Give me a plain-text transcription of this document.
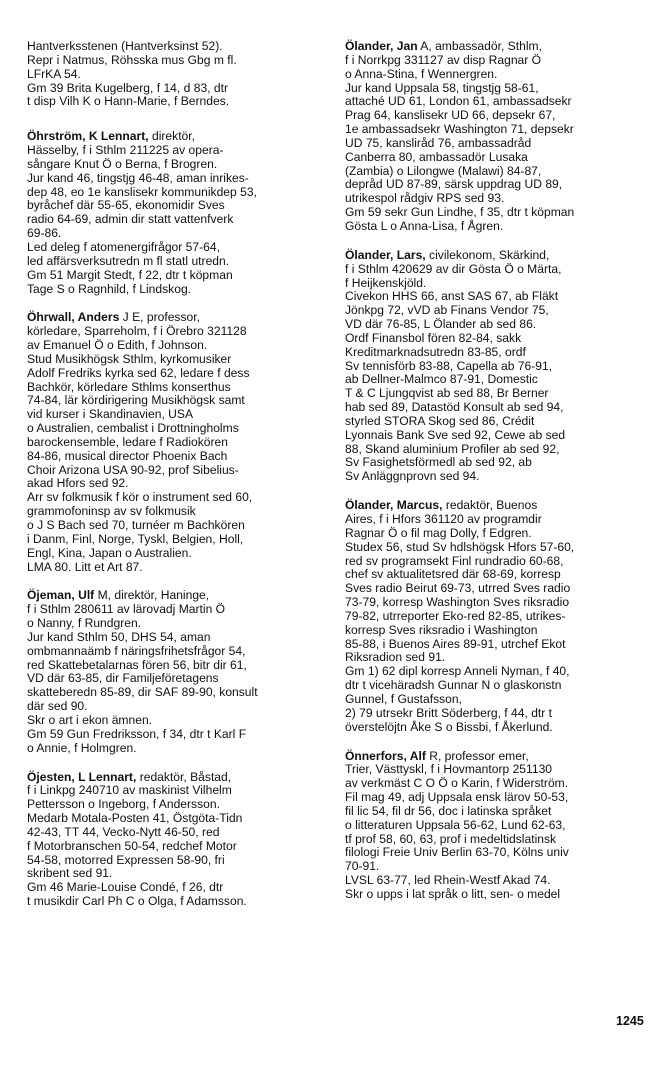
Hantverksstenen (Hantverksinst 52).
Repr i Natmus, Röhsska mus Gbg m fl.
LFrKA 54.
Gm 39 Brita Kugelberg, f 14, d 83, dtr
t disp Vilh K o Hann-Marie, f Berndes.
Öhrström, K Lennart, direktör,
Hässelby, f i Sthlm 211225 av opera-
sångare Knut Ö o Berna, f Brogren.
Jur kand 46, tingstjg 46-48, aman inrikes-
dep 48, eo 1e kanslisekr kommunikdep 53,
byråchef där 55-65, ekonomidir Sves
radio 64-69, admin dir statt vattenfverk
69-86.
Led deleg f atomenergifrågor 57-64,
led affärsverksutredn m fl statl utredn.
Gm 51 Margit Stedt, f 22, dtr t köpman
Tage S o Ragnhild, f Lindskog.
Öhrwall, Anders J E, professor,
körledare, Sparreholm, f i Örebro 321128
av Emanuel Ö o Edith, f Johnson.
Stud Musikhögsk Sthlm, kyrkomusiker
Adolf Fredriks kyrka sed 62, ledare f dess
Bachkör, körledare Sthlms konserthus
74-84, lär kördirigering Musikhögsk samt
vid kurser i Skandinavien, USA
o Australien, cembalist i Drottningholms
barockensemble, ledare f Radiokören
84-86, musical director Phoenix Bach
Choir Arizona USA 90-92, prof Sibelius-
akad Hfors sed 92.
Arr sv folkmusik f kör o instrument sed 60,
grammofoninsp av sv folkmusik
o J S Bach sed 70, turnéer m Bachkören
i Danm, Finl, Norge, Tyskl, Belgien, Holl,
Engl, Kina, Japan o Australien.
LMA 80. Litt et Art 87.
Öjeman, Ulf M, direktör, Haninge,
f i Sthlm 280611 av lärovadj Martin Ö
o Nanny, f Rundgren.
Jur kand Sthlm 50, DHS 54, aman
ombmannaämb f näringsfrihetsfrågor 54,
red Skattebetalarnas fören 56, bitr dir 61,
VD där 63-85, dir Familjeföretagens
skatteberedn 85-89, dir SAF 89-90, konsult
där sed 90.
Skr o art i ekon ämnen.
Gm 59 Gun Fredriksson, f 34, dtr t Karl F
o Annie, f Holmgren.
Öjesten, L Lennart, redaktör, Båstad,
f i Linkpg 240710 av maskinist Vilhelm
Pettersson o Ingeborg, f Andersson.
Medarb Motala-Posten 41, Östgöta-Tidn
42-43, TT 44, Vecko-Nytt 46-50, red
f Motorbranschen 50-54, redchef Motor
54-58, motorred Expressen 58-90, fri
skribent sed 91.
Gm 46 Marie-Louise Condé, f 26, dtr
t musikdir Carl Ph C o Olga, f Adamsson.
Ölander, Jan A, ambassadör, Sthlm,
f i Norrkpg 331127 av disp Ragnar Ö
o Anna-Stina, f Wennergren.
Jur kand Uppsala 58, tingstjg 58-61,
attaché UD 61, London 61, ambassadsekr
Prag 64, kanslisekr UD 66, depsekr 67,
1e ambassadsekr Washington 71, depsekr
UD 75, kansliråd 76, ambassadråd
Canberra 80, ambassadör Lusaka
(Zambia) o Lilongwe (Malawi) 84-87,
depråd UD 87-89, särsk uppdrag UD 89,
utrikespol rådgiv RPS sed 93.
Gm 59 sekr Gun Lindhe, f 35, dtr t köpman
Gösta L o Anna-Lisa, f Ågren.
Ölander, Lars, civilekonom, Skärkind,
f i Sthlm 420629 av dir Gösta Ö o Märta,
f Heijkenskjöld.
Civekon HHS 66, anst SAS 67, ab Fläkt
Jönkpg 72, vVD ab Finans Vendor 75,
VD där 76-85, L Ölander ab sed 86.
Ordf Finansbol fören 82-84, sakk
Kreditmarknadsutredn 83-85, ordf
Sv tennisförb 83-88, Capella ab 76-91,
ab Dellner-Malmco 87-91, Domestic
T & C Ljungqvist ab sed 88, Br Berner
hab sed 89, Datastöd Konsult ab sed 94,
styrled STORA Skog sed 86, Crédit
Lyonnais Bank Sve sed 92, Cewe ab sed
88, Skand aluminium Profiler ab sed 92,
Sv Fasighetsförmedl ab sed 92, ab
Sv Anläggnprovn sed 94.
Ölander, Marcus, redaktör, Buenos
Aires, f i Hfors 361120 av programdir
Ragnar Ö o fil mag Dolly, f Edgren.
Studex 56, stud Sv hdlshögsk Hfors 57-60,
red sv programsekt Finl rundradio 60-68,
chef sv aktualitetsred där 68-69, korresp
Sves radio Beirut 69-73, utrred Sves radio
73-79, korresp Washington Sves riksradio
79-82, utrreporter Eko-red 82-85, utrikes-
korresp Sves riksradio i Washington
85-88, i Buenos Aires 89-91, utrchef Ekot
Riksradion sed 91.
Gm 1) 62 dipl korresp Anneli Nyman, f 40,
dtr t vicehäradsh Gunnar N o glaskonstn
Gunnel, f Gustafsson,
2) 79 utrsekr Britt Söderberg, f 44, dtr t
överstelöjtn Åke S o Bissbi, f Åkerlund.
Önnerfors, Alf R, professor emer,
Trier, Västtyskl, f i Hovmantorp 251130
av verkmäst C O Ö o Karin, f Widerström.
Fil mag 49, adj Uppsala ensk lärov 50-53,
fil lic 54, fil dr 56, doc i latinska språket
o litteraturen Uppsala 56-62, Lund 62-63,
tf prof 58, 60, 63, prof i medeltidslatinsk
filologi Freie Univ Berlin 63-70, Kölns univ
70-91.
LVSL 63-77, led Rhein-Westf Akad 74.
Skr o upps i lat språk o litt, sen- o medel
1245
